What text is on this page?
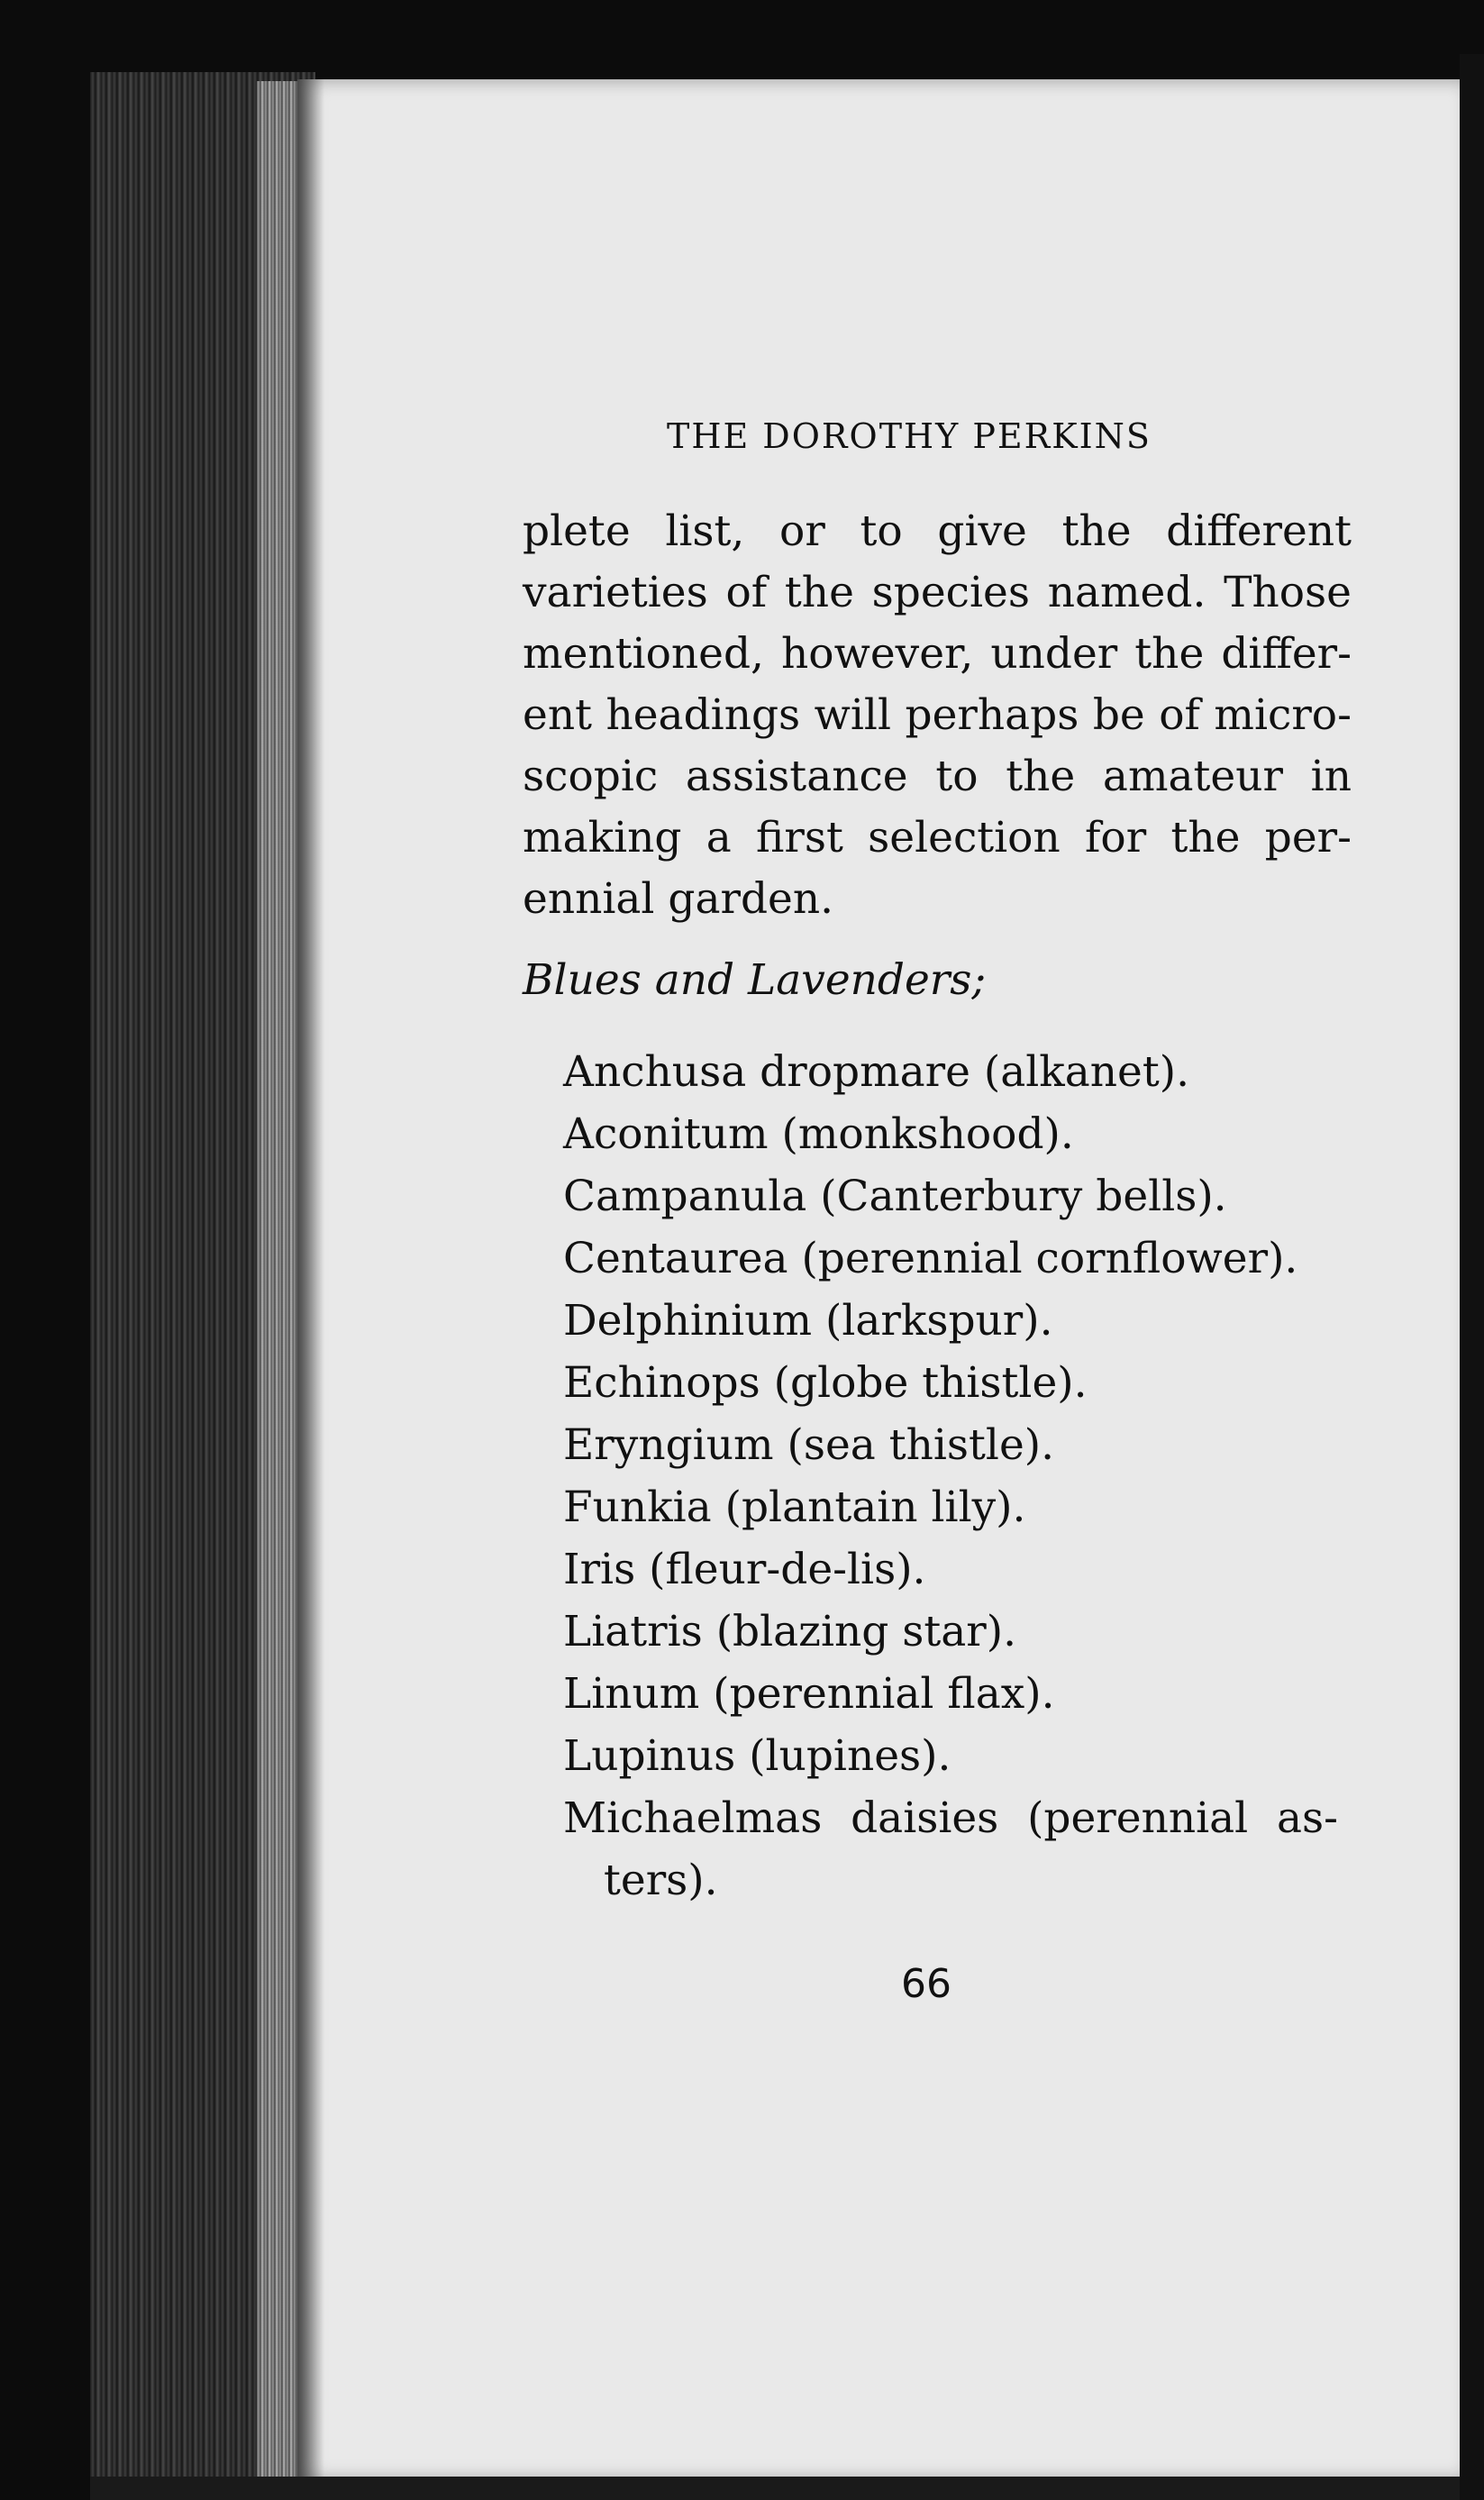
THE DOROTHY PERKINS
plete list, or to give the different
varieties of the species named. Those
mentioned, however, under the differ-
ent headings will perhaps be of micro-
scopic assistance to the amateur in
making a first selection for the per-
ennial garden.
Blues and Lavenders;
Anchusa dropmare (alkanet).
Aconitum (monkshood).
Campanula (Canterbury bells).
Centaurea (perennial cornflower).
Delphinium (larkspur).
Echinops (globe thistle).
Eryngium (sea thistle).
Funkia (plantain lily).
Iris (fleur-de-lis).
Liatris (blazing star).
Linum (perennial flax).
Lupinus (lupines).
Michaelmas daisies (perennial as-
ters).
66
